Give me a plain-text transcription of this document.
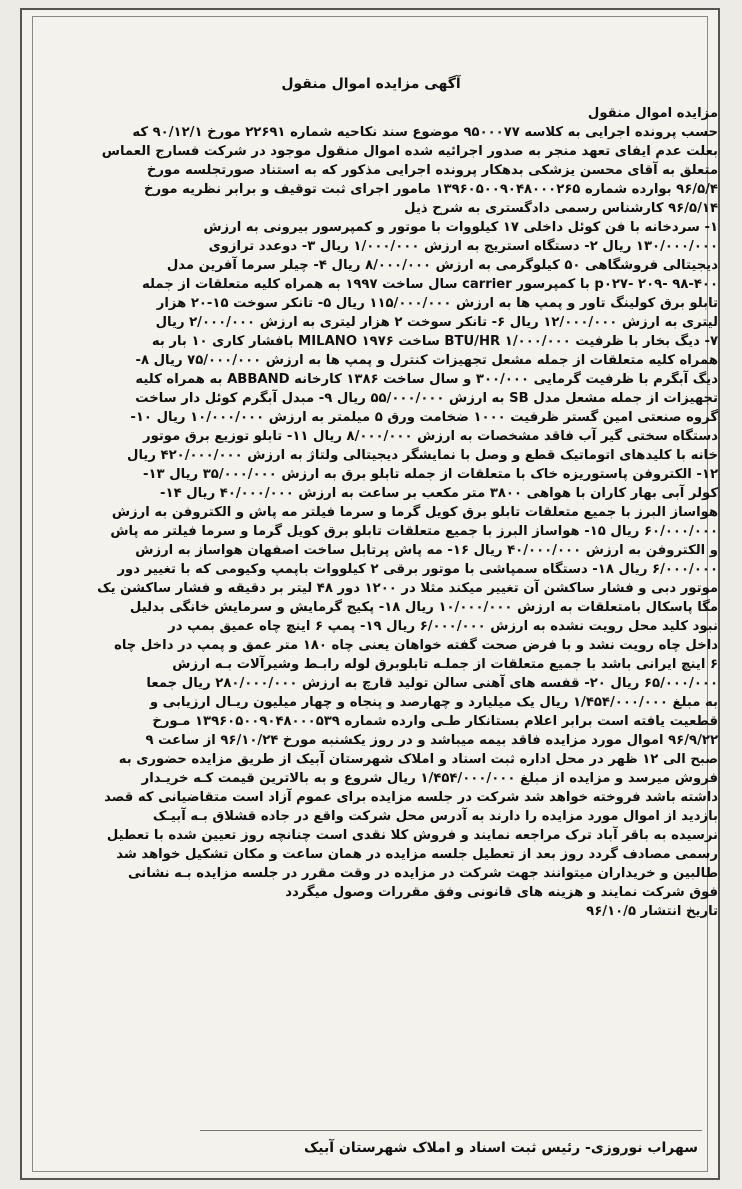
آگهی مزایده اموال منقول
مزایده اموال منقول
حسب پرونده اجرایی به کلاسه ۹۵۰۰۰۷۷ موضوع سند نکاحیه شماره ۲۲۶۹۱ مورخ ۹۰/۱۲/۱ که
بعلت عدم ایفای تعهد منجر به صدور اجرائیه شده اموال منقول موجود در شرکت فسارج العماس
متعلق به آقای محسن یزشکی بدهکار پرونده اجرایی مذکور که به استناد صورتجلسه مورخ
۹۶/۵/۴ بوارده شماره ۱۳۹۶۰۵۰۰۹۰۴۸۰۰۰۲۶۵ مامور اجرای ثبت توقیف و برابر نظریه مورخ
۹۶/۵/۱۴ کارشناس رسمی دادگستری به شرح ذیل
۱- سردخانه با فن کوئل داخلی ۱۷ کیلووات با موتور و کمپرسور بیرونی به ارزش
۱۳۰/۰۰۰/۰۰۰ ریال ۲- دستگاه استریج به ارزش ۱/۰۰۰/۰۰۰ ریال ۳- دوعدد ترازوی
دیجیتالی فروشگاهی ۵۰ کیلوگرمی به ارزش ۸/۰۰۰/۰۰۰ ریال ۴- چیلر سرما آفرین مدل
۹۸-۴۰۰ -۲۰۹ -p۰۲۷ با کمپرسور carrier سال ساخت ۱۹۹۷ به همراه کلیه متعلقات از جمله
تابلو برق کولینگ تاور و پمپ ها به ارزش ۱۱۵/۰۰۰/۰۰۰ ریال ۵- تانکر سوخت ۱۵-۲۰ هزار
لیتری به ارزش ۱۲/۰۰۰/۰۰۰ ریال ۶- تانکر سوخت ۲ هزار لیتری به ارزش ۲/۰۰۰/۰۰۰ ریال
۷- دیگ بخار با ظرفیت BTU/HR ۱/۰۰۰/۰۰۰ ساخت MILANO ۱۹۷۶ بافشار کاری ۱۰ بار به
همراه کلیه متعلقات از جمله مشعل تجهیزات کنترل و پمپ ها به ارزش ۷۵/۰۰۰/۰۰۰ ریال ۸-
دیگ آبگرم با ظرفیت گرمایی ۳۰۰/۰۰۰ و سال ساخت ۱۳۸۶ کارخانه ABBAND به همراه کلیه
تجهیزات از جمله مشعل مدل SB به ارزش ۵۵/۰۰۰/۰۰۰ ریال ۹- مبدل آبگرم کوئل دار ساخت
گروه صنعتی امین گستر ظرفیت ۱۰۰۰ ضخامت ورق ۵ میلمتر به ارزش ۱۰/۰۰۰/۰۰۰ ریال ۱۰-
دستگاه سختی گیر آب فاقد مشخصات به ارزش ۸/۰۰۰/۰۰۰ ریال ۱۱- تابلو توزیع برق موتور
خانه با کلیدهای اتوماتیک قطع و وصل با نمایشگر دیجیتالی ولتاژ به ارزش ۴۲۰/۰۰۰/۰۰۰ ریال
۱۲- الکتروفن پاستوریزه خاک با متعلقات از جمله تابلو برق به ارزش ۳۵/۰۰۰/۰۰۰ ریال ۱۳-
کولر آبی بهار کاران با هواهی ۳۸۰۰ متر مکعب بر ساعت به ارزش ۴۰/۰۰۰/۰۰۰ ریال ۱۴-
هواساز البرز با جمیع متعلقات تابلو برق کویل گرما و سرما فیلتر مه پاش و الکتروفن به ارزش
۶۰/۰۰۰/۰۰۰ ریال ۱۵- هواساز البرز با جمیع متعلقات تابلو برق کویل گرما و سرما فیلتر مه پاش
و الکتروفن به ارزش ۴۰/۰۰۰/۰۰۰ ریال ۱۶- مه پاش پرتابل ساخت اصفهان هواساز به ارزش
۶/۰۰۰/۰۰۰ ریال ۱۸- دستگاه سمپاشی با موتور برقی ۲ کیلووات باپمپ وکیومی که با تغییر دور
موتور دبی و فشار ساکشن آن تغییر میکند مثلا در ۱۲۰۰ دور ۴۸ لیتر بر دقیقه و فشار ساکشن یک
مگا پاسکال بامتعلقات به ارزش ۱۰/۰۰۰/۰۰۰ ریال ۱۸- پکیج گرمایش و سرمایش خانگی بدلیل
نبود کلید محل رویت نشده به ارزش ۶/۰۰۰/۰۰۰ ریال ۱۹- پمپ ۶ اینچ چاه عمیق بمپ در
داخل چاه رویت نشد و با فرض صحت گفته خواهان یعنی چاه ۱۸۰ متر عمق و پمپ در داخل چاه
۶ اینچ ایرانی باشد با جمیع متعلقات از جملـه تابلوبرق لوله رابـط وشیرآلات بـه ارزش
۶۵/۰۰۰/۰۰۰ ریال ۲۰- قفسه های آهنی سالن تولید قارچ به ارزش ۲۸۰/۰۰۰/۰۰۰ ریال جمعا
به مبلغ ۱/۴۵۴/۰۰۰/۰۰۰ ریال یک میلیارد و چهارصد و پنجاه و چهار میلیون ریـال ارزیابی و
قطعیت یافته است برابر اعلام بستانکار طـی وارده شماره ۱۳۹۶۰۵۰۰۹۰۴۸۰۰۰۵۳۹ مـورخ
۹۶/۹/۲۲ اموال مورد مزایده فاقد بیمه میباشد و در روز یکشنبه مورخ ۹۶/۱۰/۲۴ از ساعت ۹
صبح الی ۱۲ ظهر در محل اداره ثبت اسناد و املاک شهرستان آبیک از طریق مزایده حضوری به
فروش میرسد و مزایده از مبلغ ۱/۴۵۴/۰۰۰/۰۰۰ ریال شروع و به بالاترین قیمت کـه خریـدار
داشته باشد فروخته خواهد شد شرکت در جلسه مزایده برای عموم آزاد است متقاضیانی که قصد
بازدید از اموال مورد مزایده را دارند به آدرس محل شرکت واقع در جاده قشلاق بـه آبیـک
نرسیده به باقر آباد ترک مراجعه نمایند و فروش کلا نقدی است چنانچه روز تعیین شده با تعطیل
رسمی مصادف گردد روز بعد از تعطیل جلسه مزایده در همان ساعت و مکان تشکیل خواهد شد
طالبین و خریداران میتوانند جهت شرکت در مزایده در وقت مقرر در جلسه مزایده بـه نشانی
فوق شرکت نمایند و هزینه های قانونی وفق مقررات وصول میگردد
تاریخ انتشار ۹۶/۱۰/۵
سهراب نوروزی- رئیس ثبت اسناد و املاک شهرستان آبیک
